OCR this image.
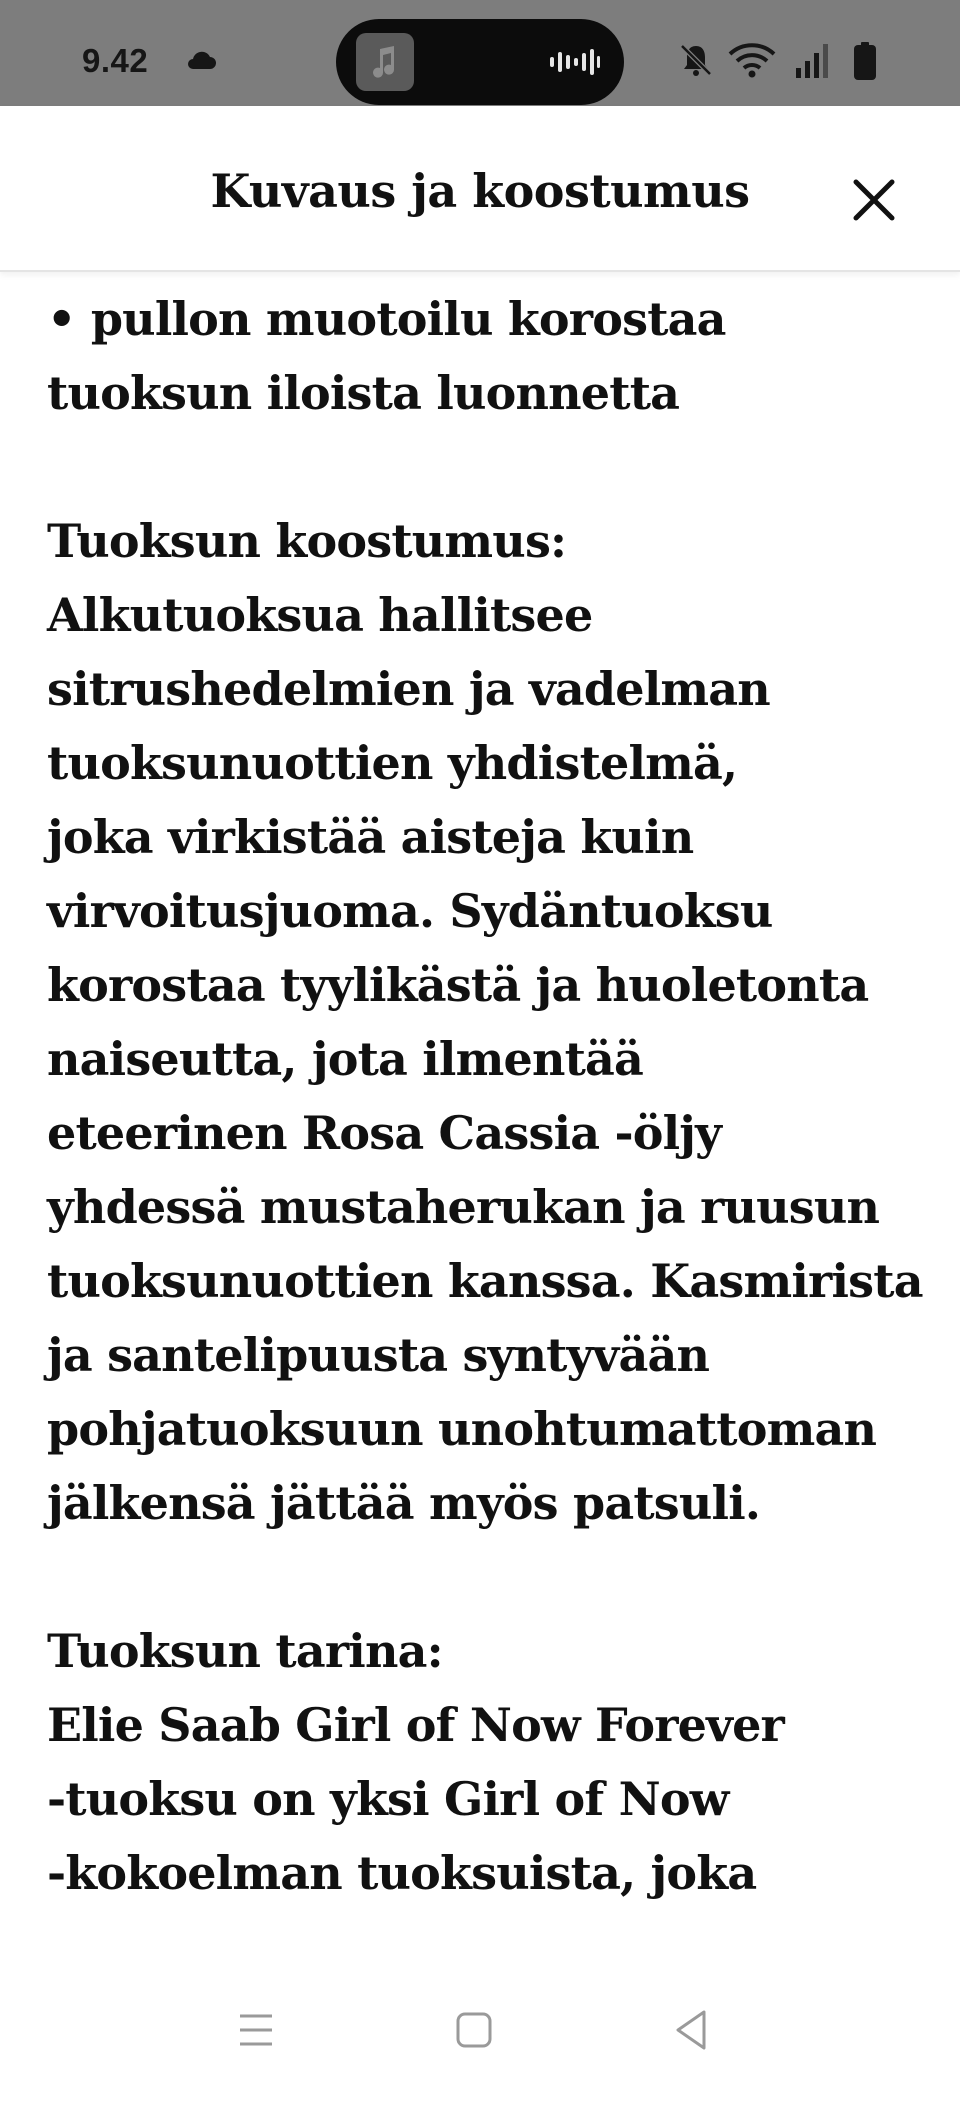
9.42
Kuvaus ja koostumus
• pullon muotoilu korostaa
tuoksun iloista luonnetta
Tuoksun koostumus:
Alkutuoksua hallitsee
sitrushedelmien ja vadelman
tuoksunuottien yhdistelmä,
joka virkistää aisteja kuin
virvoitusjuoma. Sydäntuoksu
korostaa tyylikästä ja huoletonta
naiseutta, jota ilmentää
eteerinen Rosa Cassia -öljy
yhdessä mustaherukan ja ruusun
tuoksunuottien kanssa. Kasmirista
ja santelipuusta syntyvään
pohjatuoksuun unohtumattoman
jälkensä jättää myös patsuli.
Tuoksun tarina:
Elie Saab Girl of Now Forever
-tuoksu on yksi Girl of Now
-kokoelman tuoksuista, joka
